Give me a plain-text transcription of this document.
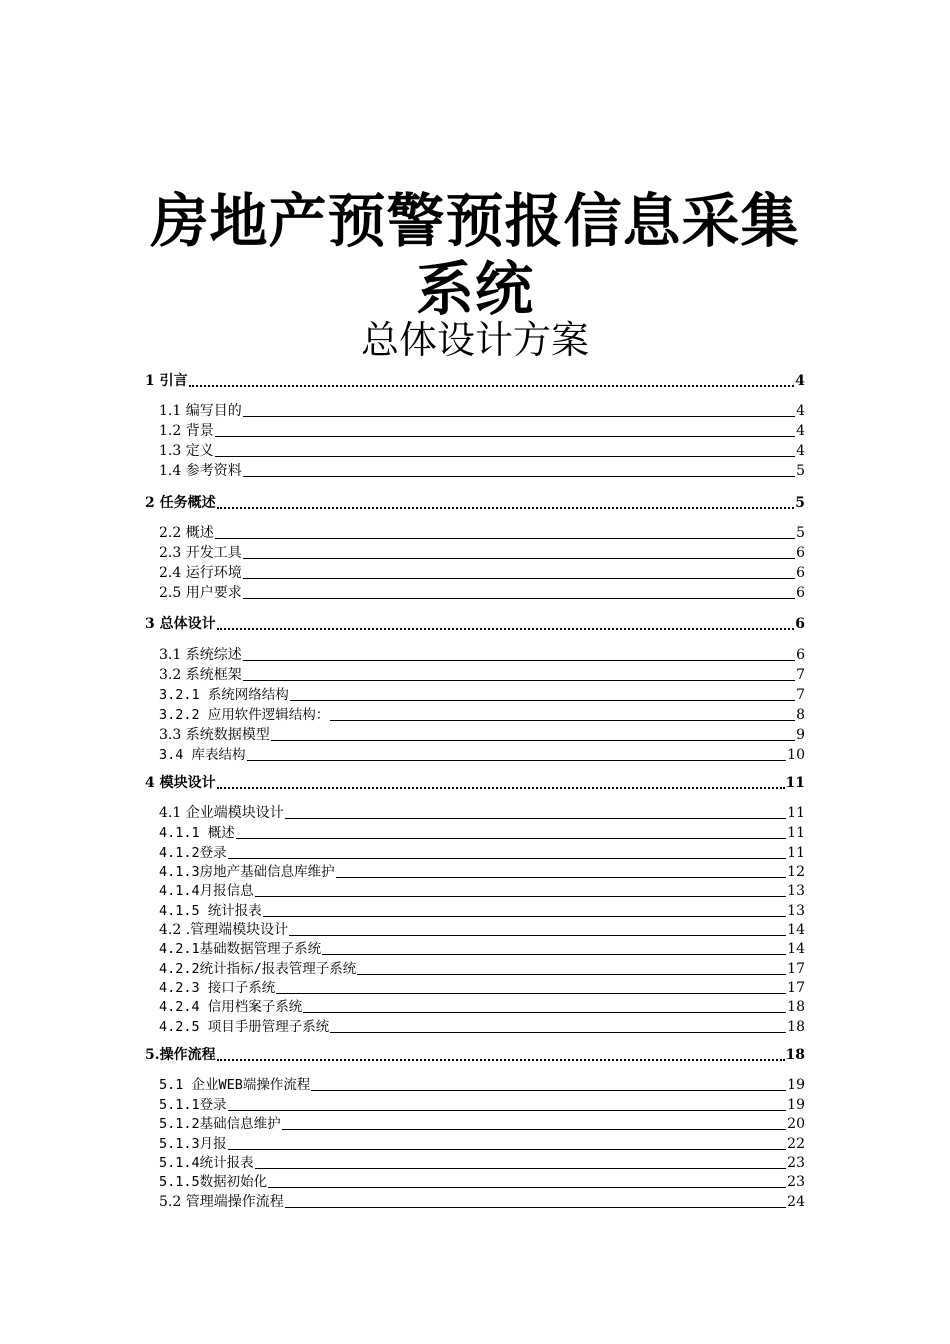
房地产预警预报信息采集
系统
总体设计方案
1 引言	4
1.1 编写目的	4
1.2 背景	4
1.3 定义	4
1.4 参考资料	5
2 任务概述	5
2.2 概述	5
2.3 开发工具	6
2.4 运行环境	6
2.5 用户要求	6
3 总体设计	6
3.1 系统综述	6
3.2 系统框架	7
3.2.1 系统网络结构	7
3.2.2 应用软件逻辑结构：	8
3.3 系统数据模型	9
3.4 库表结构	10
4 模块设计	11
4.1 企业端模块设计	11
4.1.1 概述	11
4.1.2登录	11
4.1.3房地产基础信息库维护	12
4.1.4月报信息	13
4.1.5 统计报表	13
4.2 .管理端模块设计	14
4.2.1基础数据管理子系统	14
4.2.2统计指标/报表管理子系统	17
4.2.3 接口子系统	17
4.2.4 信用档案子系统	18
4.2.5 项目手册管理子系统	18
5.操作流程	18
5.1 企业WEB端操作流程	19
5.1.1登录	19
5.1.2基础信息维护	20
5.1.3月报	22
5.1.4统计报表	23
5.1.5数据初始化	23
5.2 管理端操作流程	24
